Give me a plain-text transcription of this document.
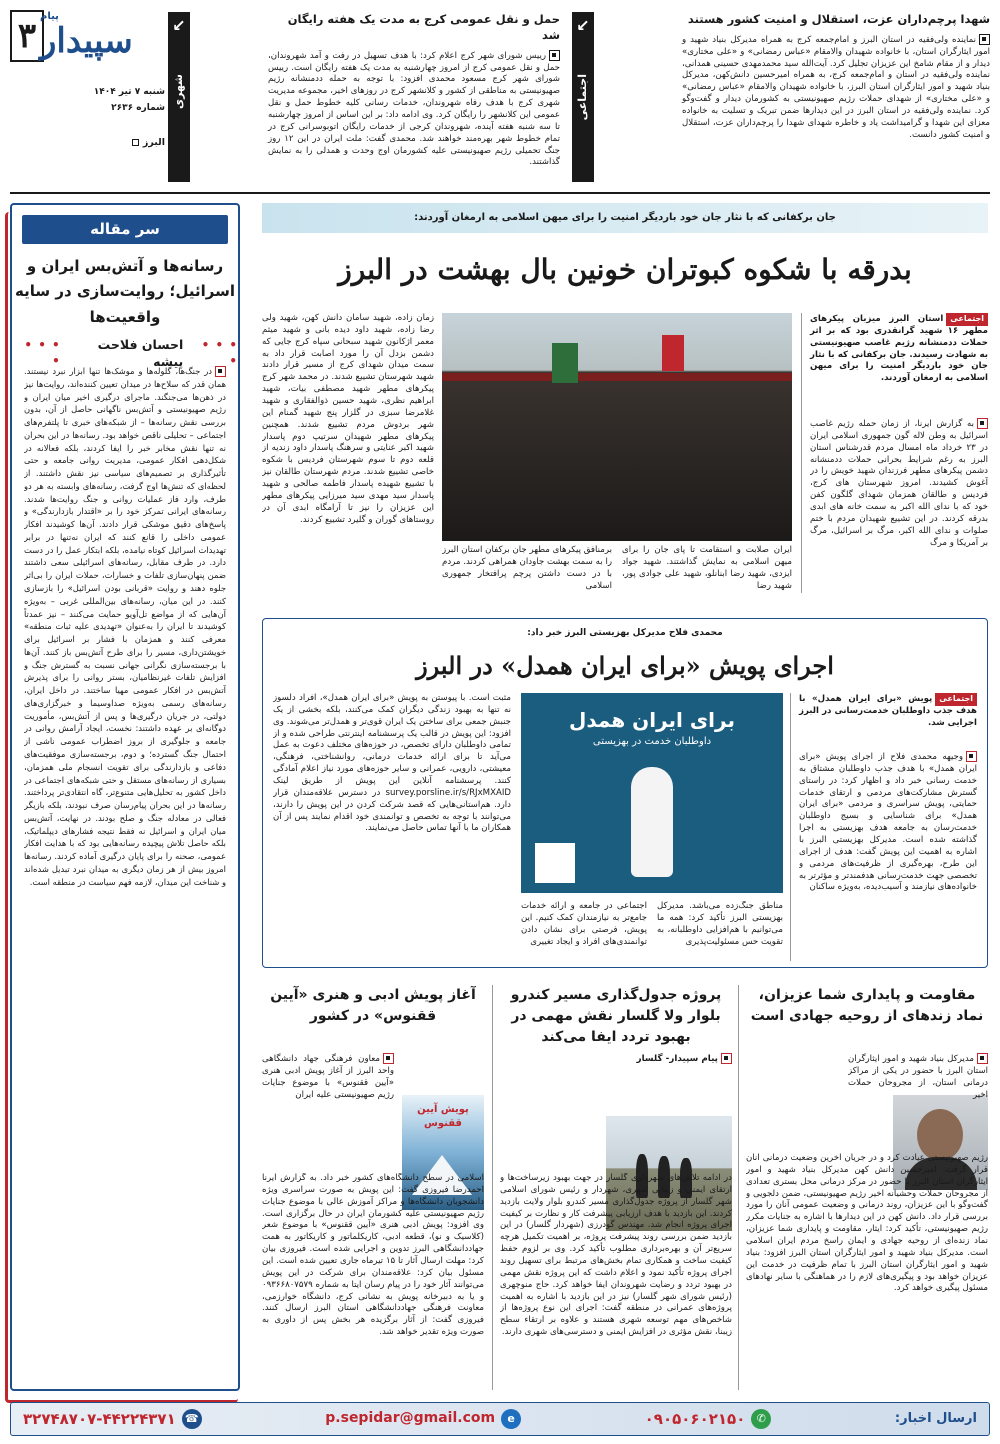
۳ پیام
سپیدار
شنبه ۷ تیر ۱۴۰۴
شماره ۲۶۳۶
البرز
↙
شهری
حمل و نقل عمومی کرج به مدت یک هفته رایگان شد

رییس شورای شهر کرج اعلام کرد: با هدف تسهیل در رفت و آمد شهروندان، حمل و نقل عمومی کرج از امروز چهارشنبه به مدت یک هفته رایگان است. رییس شورای شهر کرج مسعود محمدی افزود: با توجه به حمله ددمنشانه رژیم صهیونیستی به مناطقی از کشور و کلانشهر کرج در روزهای اخیر، مجموعه مدیریت شهری کرج با هدف رفاه شهروندان، خدمات رسانی کلیه خطوط حمل و نقل عمومی این کلانشهر را رایگان کرد. وی ادامه داد: بر این اساس از امروز چهارشنبه تا سه شنبه هفته آینده، شهروندان کرجی از خدمات رایگان اتوبوسرانی کرج در تمام خطوط شهر بهره‌مند خواهند شد. محمدی گفت: ملت ایران در این ۱۲ روز جنگ تحمیلی رژیم صهیونیستی علیه کشورمان اوج وحدت و همدلی را به نمایش گذاشتند.

↙
اجتماعی
شهدا پرچم‌داران عزت، استقلال و امنیت کشور هستند

نماینده ولی‌فقیه در استان البرز و امام‌جمعه کرج به همراه مدیرکل بنیاد شهید و امور ایثارگران استان، با خانواده شهیدان والامقام «عباس رمضانی» و «علی مختاری» دیدار و از مقام شامخ این عزیزان تجلیل کرد. آیت‌الله سید محمدمهدی حسینی همدانی، نماینده ولی‌فقیه در استان و امام‌جمعه کرج، به همراه امیرحسین دانش‌کهن، مدیرکل بنیاد شهید و امور ایثارگران استان البرز، با خانواده شهیدان والامقام «عباس رمضانی» و «علی مختاری» از شهدای حملات رژیم صهیونیستی به کشورمان دیدار و گفت‌وگو کرد. نماینده ولی‌فقیه در استان البرز در این دیدارها ضمن تبریک و تسلیت به خانواده معزای این شهدا و گرامیداشت یاد و خاطره شهدای شهدا را پرچم‌داران عزت، استقلال و امنیت کشور دانست.

سر مقاله
رسانه‌ها و آتش‌بس ایران و اسرائیل؛ روایت‌سازی در سایه واقعیت‌ها
• • • •
احسان فلاحت پیشه
• • • •
در جنگ‌ها، گلوله‌ها و موشک‌ها تنها ابزار نبرد نیستند. همان قدر که سلاح‌ها در میدان تعیین کننده‌اند، روایت‌ها نیز در ذهن‌ها می‌جنگند. ماجرای درگیری اخیر میان ایران و رژیم صهیونیستی و آتش‌بس ناگهانی حاصل از آن، بدون بررسی نقش رسانه‌ها – از شبکه‌های خبری تا پلتفرم‌های اجتماعی – تحلیلی ناقص خواهد بود. رسانه‌ها در این بحران نه تنها نقش مخابر خبر را ایفا کردند، بلکه فعالانه در شکل‌دهی افکار عمومی، مدیریت روانی جامعه و حتی تأثیرگذاری بر تصمیم‌های سیاسی نیز نقش داشتند. از لحظه‌ای که تنش‌ها اوج گرفت، رسانه‌های وابسته به هر دو طرف، وارد فاز عملیات روانی و جنگ روایت‌ها شدند. رسانه‌های ایرانی تمرکز خود را بر «اقتدار بازدارندگی» و پاسخ‌های دقیق موشکی قرار دادند. آن‌ها کوشیدند افکار عمومی داخلی را قانع کنند که ایران نه‌تنها در برابر تهدیدات اسرائیل کوتاه نیامده، بلکه ابتکار عمل را در دست دارد. در طرف مقابل، رسانه‌های اسرائیلی سعی داشتند ضمن پنهان‌سازی تلفات و خسارات، حملات ایران را بی‌اثر جلوه دهند و روایت «قربانی بودن اسرائیل» را بازسازی کنند. در این میان، رسانه‌های بین‌المللی غربی – به‌ویژه آن‌هایی که از مواضع تل‌آویو حمایت می‌کنند – نیز عمدتاً کوشیدند تا ایران را به‌عنوان «تهدیدی علیه ثبات منطقه» معرفی کنند و همزمان با فشار بر اسرائیل برای خویشتن‌داری، مسیر را برای طرح آتش‌بس باز کنند. آن‌ها با برجسته‌سازی نگرانی جهانی نسبت به گسترش جنگ و افزایش تلفات غیرنظامیان، بستر روانی را برای پذیرش آتش‌بس در افکار عمومی مهیا ساختند. در داخل ایران، رسانه‌های رسمی به‌ویژه صداوسیما و خبرگزاری‌های دولتی، در جریان درگیری‌ها و پس از آتش‌بس، مأموریت دوگانه‌ای بر عهده داشتند: نخست، ایجاد آرامش روانی در جامعه و جلوگیری از بروز اضطراب عمومی ناشی از احتمال جنگ گسترده؛ و دوم، برجسته‌سازی موفقیت‌های دفاعی و بازدارندگی برای تقویت انسجام ملی همزمان، بسیاری از رسانه‌های مستقل و حتی شبکه‌های اجتماعی در داخل کشور به تحلیل‌هایی متنوع‌تر، گاه انتقادی‌تر پرداختند. رسانه‌ها در این بحران پیام‌رسان صرف نبودند، بلکه بازیگر فعالی در معادله جنگ و صلح بودند. در نهایت، آتش‌بس میان ایران و اسرائیل نه فقط نتیجه فشارهای دیپلماتیک، بلکه حاصل تلاش پیچیده رسانه‌هایی بود که با هدایت افکار عمومی، صحنه را برای پایان درگیری آماده کردند. رسانه‌ها امروز بیش از هر زمان دیگری به میدان نبرد تبدیل شده‌اند و شناخت این میدان، لازمه فهم سیاست در منطقه است.
جان برکفانی که با نثار جان خود باردیگر امنیت را برای میهن اسلامی به ارمغان آوردند:
بدرقه با شکوه کبوتران خونین بال بهشت در البرز
اجتماعیاستان البرز میزبان پیکرهای مطهر ۱۶ شهید گرانقدری بود که بر اثر حملات ددمنشانه رژیم غاصب صهیونیستی به شهادت رسیدند. جان برکفانی که با نثار جان خود باردیگر امنیت را برای میهن اسلامی به ارمغان آوردند.
به گزارش ایرنا، از زمان حمله رژیم غاصب اسرائیل به وطن لاله گون جمهوری اسلامی ایران در ۲۳ خرداد ماه امسال مردم قدرشناس استان البرز به رغم شرایط بحرانی حملات ددمنشانه دشمن پیکرهای مطهر فرزندان شهید خویش را در آغوش کشیدند. امروز شهرستان های کرج، فردیس و طالقان همزمان شهدای گلگون کفن خود که با ندای الله اکبر به سمت خانه های ابدی بدرقه کردند. در این تشییع شهیدان مردم با ختم صلوات و ندای الله اکبر، مرگ بر اسرائیل، مرگ بر آمریکا و مرگ
برمنافق پیکرهای مطهر جان برکفان استان البرز را به سمت بهشت جاودان همراهی کردند. مردم با در دست داشتن پرچم پرافتخار جمهوری اسلامی
ایران صلابت و استقامت تا پای جان را برای میهن اسلامی به نمایش گذاشتند. شهید جواد ایزدی، شهید رضا ابنانلو، شهید علی جوادی پور، شهید رضا
زمان زاده، شهید سامان دانش کهن، شهید ولی رضا زاده، شهید داود دیده بانی و شهید میثم معمر اژکانون شهید سبحانی سپاه کرج جایی که دشمن بزدل آن را مورد اصابت قرار داد به سمت میدان شهدای کرج از مسیر قرار دادند شهید شهرستان تشییع شدند. در محمد شهر کرج پیکرهای مطهر شهید مصطفی بیات، شهید ابراهیم نظری، شهید حسین ذوالفقاری و شهید غلامرضا سبزی در گلزار پنج شهید گمنام این شهر بردوش مردم تشییع شدند. همچنین پیکرهای مطهر شهیدان سرتیپ دوم پاسدار شهید اکبر عنایتی و سرهنگ پاسدار داود زندیه از قلعه دوم تا سوم شهرستان فردیس با شکوه خاصی تشییع شدند. مردم شهرستان طالقان نیز با تشییع شهیده پاسدار فاطمه صالحی و شهید پاسدار سید مهدی سید میرزایی پیکرهای مطهر این عزیزان را نیز تا آرامگاه ابدی آن در روستاهای گوران و گلیرد تشییع کردند.
محمدی فلاح مدیرکل بهزیستی البرز خبر داد:
اجرای پویش «برای ایران همدل» در البرز
اجتماعیپویش «برای ایران همدل» با هدف جذب داوطلبان خدمت‌رسانی در البرز اجرایی شد.
وجیهه محمدی فلاح از اجرای پویش «برای ایران همدل» با هدف جذب داوطلبان مشتاق به خدمت رسانی خبر داد و اظهار کرد: در راستای گسترش مشارکت‌های مردمی و ارتقای خدمات حمایتی، پویش سراسری و مردمی «برای ایران همدل» برای شناسایی و بسیج داوطلبان خدمت‌رسان به جامعه هدف بهزیستی به اجرا گذاشته شده است. مدیرکل بهزیستی البرز با اشاره به اهمیت این پویش گفت: هدف از اجرای این طرح، بهره‌گیری از ظرفیت‌های مردمی و تخصصی جهت خدمت‌رسانی هدفمندتر و مؤثرتر به خانواده‌های نیازمند و آسیب‌دیده، به‌ویژه ساکنان
برای ایران همدل
داوطلبان خدمت در بهزیستی
مناطق جنگ‌زده می‌باشد. مدیرکل بهزیستی البرز تأکید کرد: همه ما می‌توانیم با هم‌افزایی داوطلبانه، به تقویت حس مسئولیت‌پذیری
اجتماعی در جامعه و ارائه خدمات جامع‌تر به نیازمندان کمک کنیم. این پویش، فرصتی برای نشان دادن توانمندی‌های افراد و ایجاد تغییری
مثبت است. با پیوستن به پویش «برای ایران همدل»، افراد دلسوز نه تنها به بهبود زندگی دیگران کمک می‌کنند، بلکه بخشی از یک جنبش جمعی برای ساختن یک ایران قوی‌تر و همدل‌تر می‌شوند. وی افزود: این پویش در قالب یک پرسشنامه اینترنتی طراحی شده و از تمامی داوطلبان دارای تخصص، در حوزه‌های مختلف دعوت به عمل می‌آید تا برای ارائه خدمات درمانی، روانشناختی، فرهنگی، معیشتی، دارویی، عمرانی و سایر حوزه‌های مورد نیاز اعلام آمادگی کنند. پرسشنامه آنلاین این پویش از طریق لینک survey.porsline.ir/s/RJxMXAID در دسترس علاقه‌مندان قرار دارد. هم‌استانی‌هایی که قصد شرکت کردن در این پویش را دارند، می‌توانند با توجه به تخصص و توانمندی خود اقدام نمایند پس از آن همکاران ما با آنها تماس حاصل می‌نمایند.
مقاومت و پایداری شما عزیزان، نماد زندهای از روحیه جهادی است
مدیرکل بنیاد شهید و امور ایثارگران استان البرز با حضور در یکی از مراکز درمانی استان، از مجروحان حملات اخیر
رژیم صهیونیستی عیادت کرد و در جریان آخرین وضعیت درمانی آنان قرار گرفت. امیرحسین دانش کهن مدیرکل بنیاد شهید و امور ایثارگران استان البرز با حضور در مرکز درمانی محل بستری تعدادی از مجروحان حملات وحشیانه اخیر رژیم صهیونیستی، ضمن دلجویی و گفت‌وگو با این عزیزان، روند درمانی و وضعیت عمومی آنان را مورد بررسی قرار داد. دانش کهن در این دیدارها با اشاره به جنایات مکرر رژیم صهیونیستی، تأکید کرد: ایثار، مقاومت و پایداری شما عزیزان، نماد زنده‌ای از روحیه جهادی و ایمان راسخ مردم ایران اسلامی است. مدیرکل بنیاد شهید و امور ایثارگران استان البرز افزود: بنیاد شهید و امور ایثارگران استان البرز با تمام ظرفیت در خدمت این عزیزان خواهد بود و پیگیری‌های لازم را در هماهنگی با سایر نهادهای مسئول پیگیری خواهد کرد.
پروژه جدول‌گذاری مسیر کندرو بلوار ولا گلسار نقش مهمی در بهبود تردد ایفا می‌کند
پیام سپیدار- گلسار
در ادامه تلاش‌های شهرداری گلسار در جهت بهبود زیرساخت‌ها و ارتقای ایمنی و زیبایی شهری، شهردار و رئیس شورای اسلامی شهر گلسار از پروژه جدول‌گذاری مسیر کندرو بلوار ولایت بازدید کردند. این بازدید با هدف ارزیابی پیشرفت کار و نظارت بر کیفیت اجرای پروژه انجام شد. مهندس گودرزی (شهردار گلسار) در این بازدید ضمن بررسی روند پیشرفت پروژه، بر اهمیت تکمیل هرچه سریع‌تر آن و بهره‌برداری مطلوب تأکید کرد. وی بر لزوم حفظ کیفیت ساخت و همکاری تمام بخش‌های مرتبط برای تسهیل روند اجرای پروژه تأکید نمود و اعلام داشت که این پروژه نقش مهمی در بهبود تردد و رضایت شهروندان ایفا خواهد کرد. حاج منوچهری (رئیس شورای شهر گلسار) نیز در این بازدید با اشاره به اهمیت پروژه‌های عمرانی در منطقه گفت: اجرای این نوع پروژه‌ها از شاخص‌های مهم توسعه شهری هستند و علاوه بر ارتقاء سطح زیبنا، نقش مؤثری در افزایش ایمنی و دسترسی‌های شهری دارند.
آغاز پویش ادبی و هنری «آیین ققنوس» در کشور
پویش آیین ققنوس
معاون فرهنگی جهاد دانشگاهی واحد البرز از آغاز پویش ادبی هنری «آیین ققنوس» با موضوع جنایات رژیم صهیونیستی علیه ایران
اسلامی در سطح دانشگاه‌های کشور خبر داد. به گزارش ایرنا احمدرضا فیروزی گفت: این پویش به صورت سراسری ویژه دانشجویان دانشگاه‌ها و مراکز آموزش عالی با موضوع جنایات رژیم صهیونیستی علیه کشورمان ایران در حال برگزاری است. وی افزود: پویش ادبی هنری «آیین ققنوس» با موضوع شعر (کلاسیک و نو)، قطعه ادبی، کاریکلماتور و کاریکاتور به همت جهاددانشگاهی البرز تدوین و اجرایی شده است. فیروزی بیان کرد: مهلت ارسال آثار تا ۱۵ تیرماه جاری تعیین شده است. این مسئول بیان کرد: علاقه‌مندان برای شرکت در این پویش می‌توانند آثار خود را در پیام رسان ایتا به شماره ۰۹۳۶۶۸۰۷۵۷۹ و یا به دبیرخانه پویش به نشانی کرج، دانشگاه خوارزمی، معاونت فرهنگی جهاددانشگاهی استان البرز ارسال کنند. فیروزی گفت: از آثار برگزیده هر بخش پس از داوری به صورت ویژه تقدیر خواهد شد.
ارسال اخبار:
✆
۰۹۰۵۰۶۰۲۱۵۰
e
p.sepidar@gmail.com
☎
۳۲۷۴۸۷۰۷-۴۴۲۲۴۳۷۱
